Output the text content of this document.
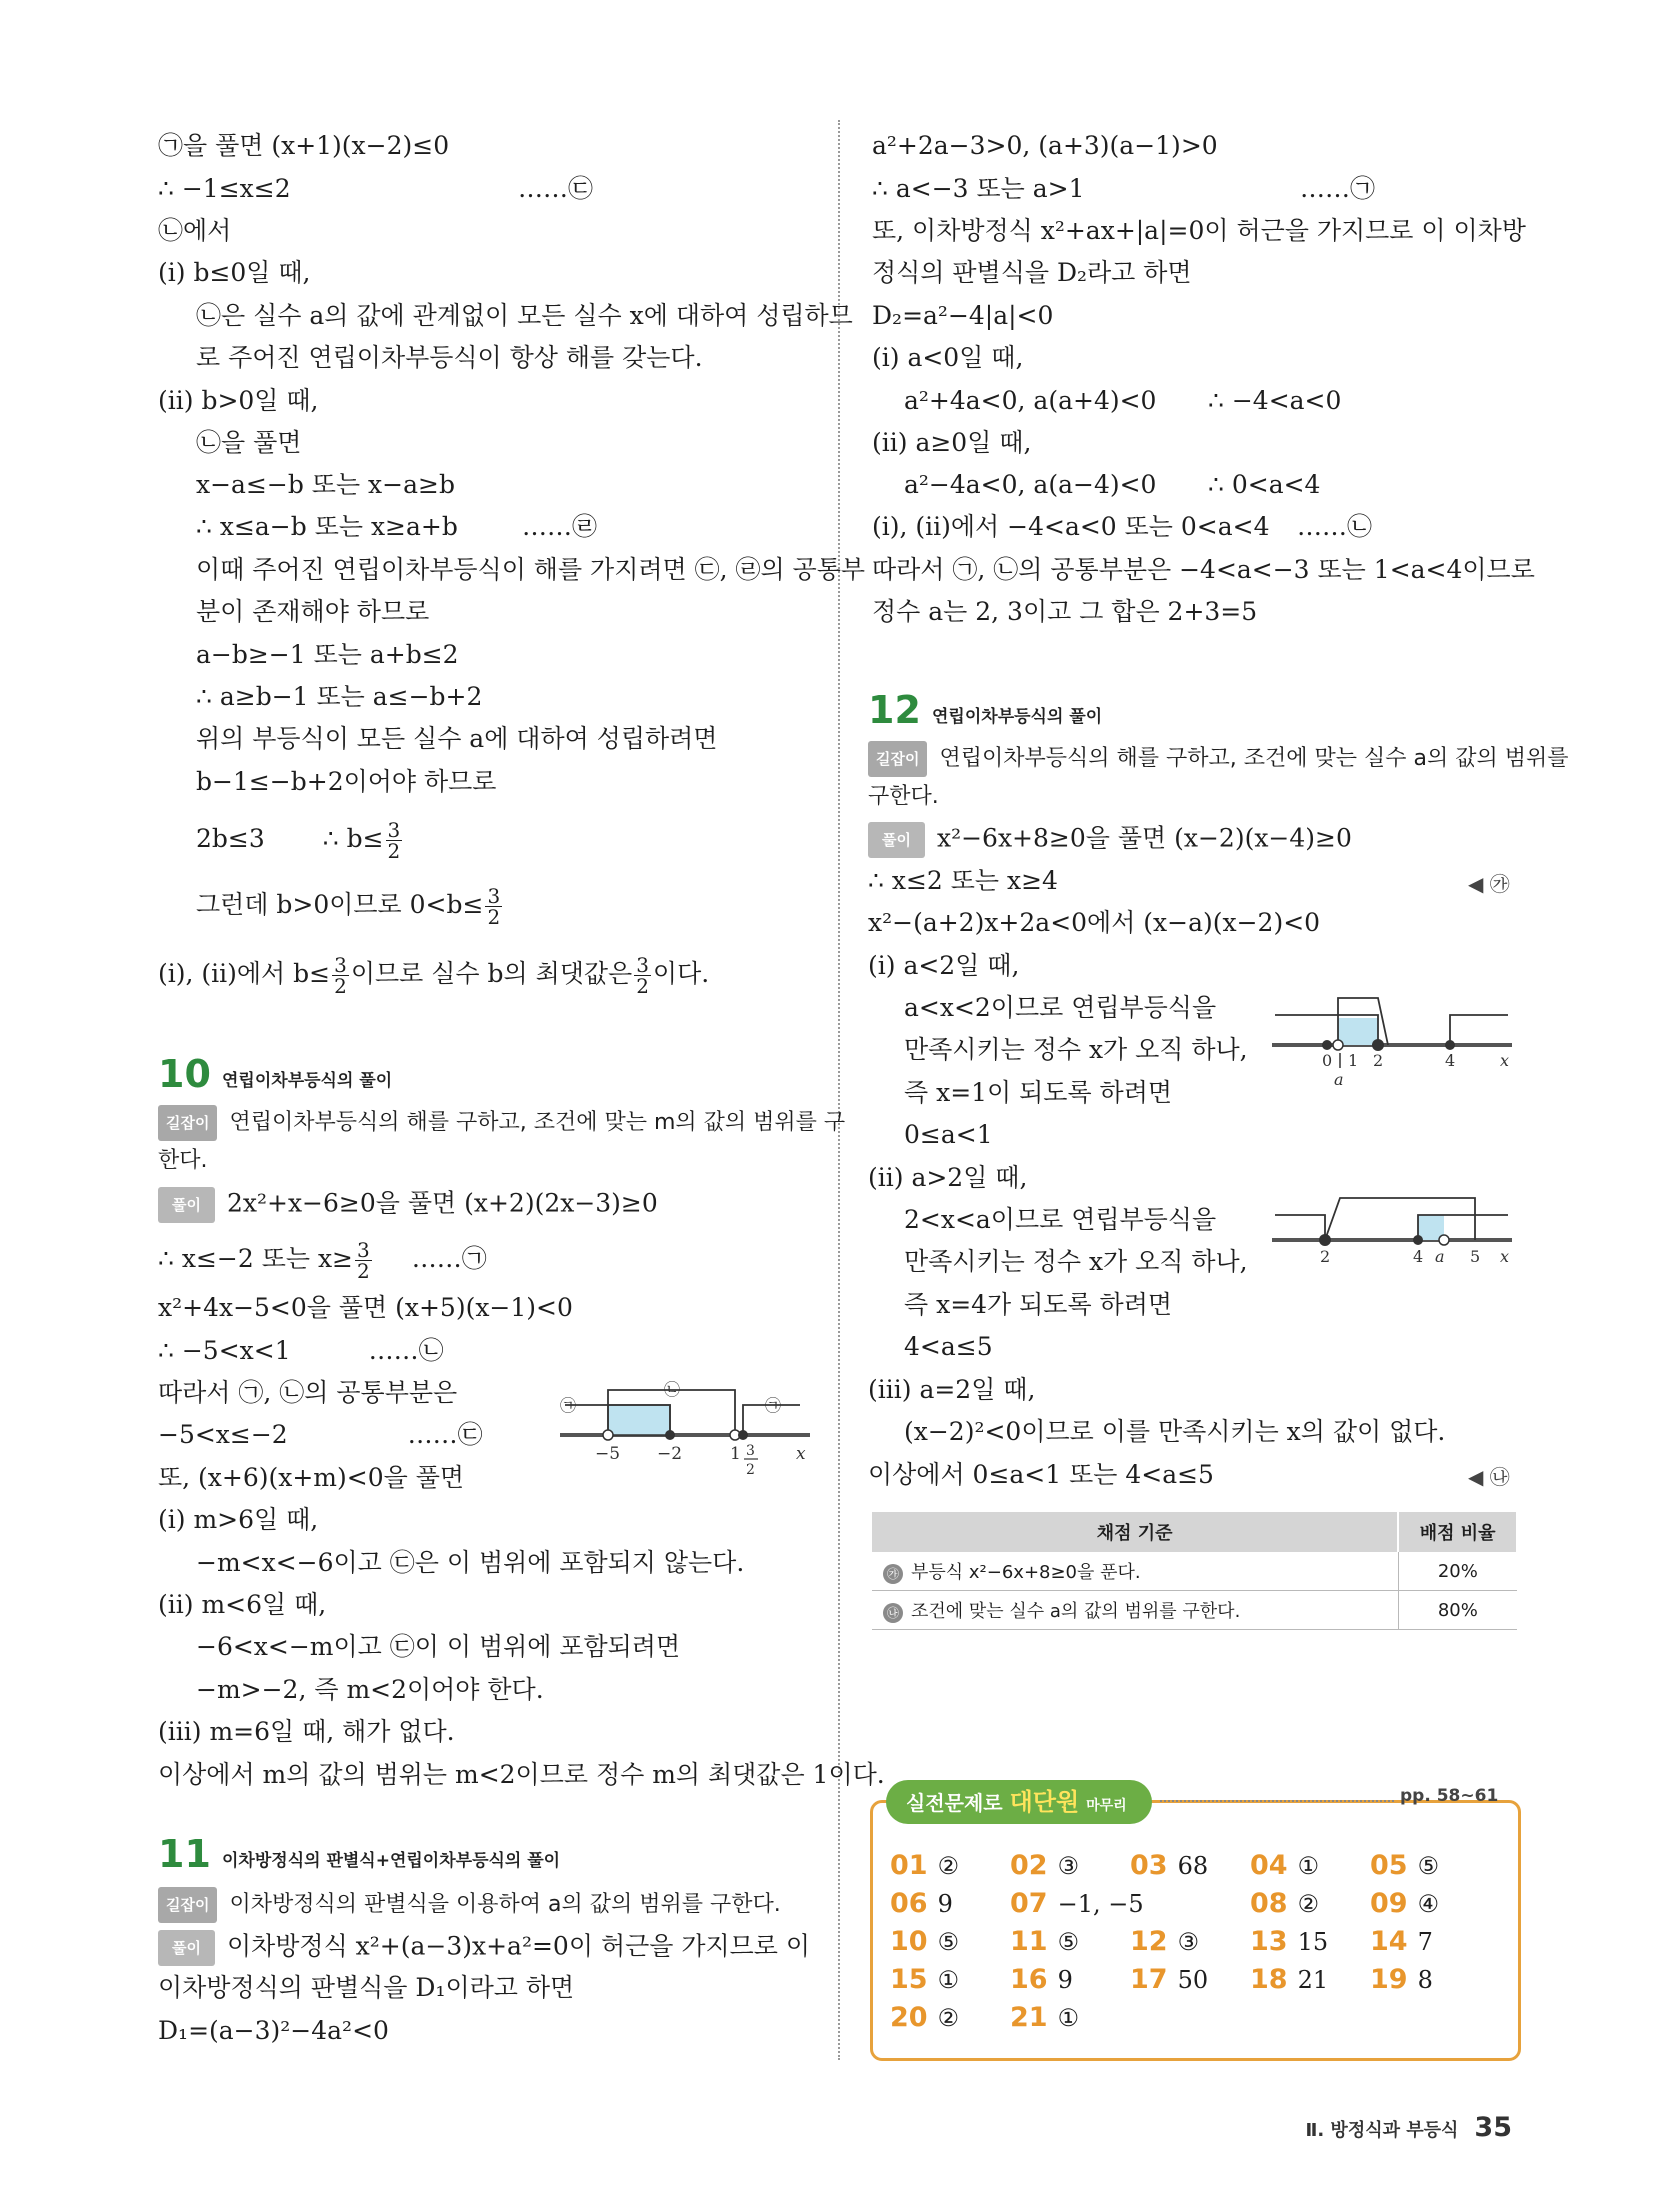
㉠을 풀면 (x+1)(x−2)≤0
∴ −1≤x≤2	……㉢
㉡에서
(i) b≤0일 때,
㉡은 실수 a의 값에 관계없이 모든 실수 x에 대하여 성립하므
로 주어진 연립이차부등식이 항상 해를 갖는다.
(ii) b>0일 때,
㉡을 풀면
x−a≤−b 또는 x−a≥b
∴ x≤a−b 또는 x≥a+b	……㉣
이때 주어진 연립이차부등식이 해를 가지려면 ㉢, ㉣의 공통부
분이 존재해야 하므로
a−b≥−1 또는 a+b≤2
∴ a≥b−1 또는 a≤−b+2
위의 부등식이 모든 실수 a에 대하여 성립하려면
b−1≤−b+2이어야 하므로
2b≤3 ∴ $b\le \frac{3}{2}$
그런데 b>0이므로 $0<b\le \frac{3}{2}$
(i), (ii)에서 $b\le \frac{3}{2}$ 이므로 실수 b의 최댓값은 $\frac{3}{2}$ 이다.
10 연립이차부등식의 풀이
길잡이 연립이차부등식의 해를 구하고, 조건에 맞는 m의 값의 범위를 구
한다.
풀이 2x²+x−6≥0을 풀면 (x+2)(2x−3)≥0
∴ x≤−2 또는 $x\ge \frac{3}{2}$ ……㉠
x²+4x−5<0을 풀면 (x+5)(x−1)<0
∴ −5<x<1	……㉡
따라서 ㉠, ㉡의 공통부분은
−5<x≤−2	……㉢
또, (x+6)(x+m)<0을 풀면
(i) m>6일 때,
−m<x<−6이고 ㉢은 이 범위에 포함되지 않는다.
(ii) m<6일 때,
−6<x<−m이고 ㉢이 이 범위에 포함되려면
−m>−2, 즉 m<2이어야 한다.
(iii) m=6일 때, 해가 없다.
이상에서 m의 값의 범위는 m<2이므로 정수 m의 최댓값은 1이다.
㉠
㉡
㉠
−5 −2	1 3
2
x
11 이차방정식의 판별식+연립이차부등식의 풀이
길잡이 이차방정식의 판별식을 이용하여 a의 값의 범위를 구한다.
풀이 이차방정식 x²+(a−3)x+a²=0이 허근을 가지므로 이
이차방정식의 판별식을 D₁이라고 하면
D₁=(a−3)²−4a²<0
a²+2a−3>0, (a+3)(a−1)>0
∴ a<−3 또는 a>1	……㉠
또, 이차방정식 x²+ax+|a|=0이 허근을 가지므로 이 이차방
정식의 판별식을 D₂라고 하면
D₂=a²−4|a|<0
(i) a<0일 때,
a²+4a<0, a(a+4)<0 ∴ −4<a<0
(ii) a≥0일 때,
a²−4a<0, a(a−4)<0 ∴ 0<a<4
(i), (ii)에서 −4<a<0 또는 0<a<4 ……㉡
따라서 ㉠, ㉡의 공통부분은 −4<a<−3 또는 1<a<4이므로
정수 a는 2, 3이고 그 합은 2+3=5
12 연립이차부등식의 풀이
길잡이 연립이차부등식의 해를 구하고, 조건에 맞는 실수 a의 값의 범위를
구한다.
풀이 x²−6x+8≥0을 풀면 (x−2)(x−4)≥0
∴ x≤2 또는 x≥4	◀ ㉮
x²−(a+2)x+2a<0에서 (x−a)(x−2)<0
(i) a<2일 때,
a<x<2이므로 연립부등식을
만족시키는 정수 x가 오직 하나,
즉 x=1이 되도록 하려면
0≤a<1
(ii) a>2일 때,
2<x<a이므로 연립부등식을
만족시키는 정수 x가 오직 하나,
즉 x=4가 되도록 하려면
4<a≤5
(iii) a=2일 때,
(x−2)²<0이므로 이를 만족시키는 x의 값이 없다.
이상에서 0≤a<1 또는 4<a≤5	◀ ㉯
0 1 2	4	x
a
2	4 a 5 x
채점 기준	배점 비율
㉮ 부등식 x²−6x+8≥0을 푼다.	20%
㉯ 조건에 맞는 실수 a의 값의 범위를 구한다.	80%
실전문제로 대단원 마무리	pp. 58~61
01 ② 02 ③ 03 68 04 ① 05 ⑤
06 9 07 −1, −5	08 ② 09 ④
10 ⑤ 11 ⑤ 12 ③ 13 15 14 7
15 ① 16 9 17 50 18 21 19 8
20 ② 21 ①
Ⅱ. 방정식과 부등식 35
